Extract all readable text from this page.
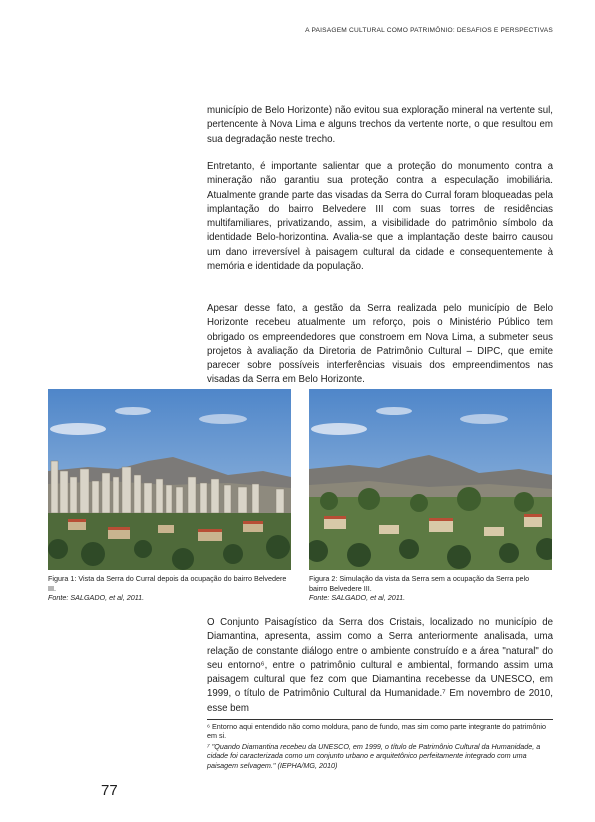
A PAISAGEM CULTURAL COMO PATRIMÔNIO: DESAFIOS E PERSPECTIVAS

município de Belo Horizonte) não evitou sua exploração mineral na vertente sul, pertencente à Nova Lima e alguns trechos da vertente norte, o que resultou em sua degradação neste trecho.

Entretanto, é importante salientar que a proteção do monumento contra a mineração não garantiu sua proteção contra a especulação imobiliária. Atualmente grande parte das visadas da Serra do Curral foram bloqueadas pela implantação do bairro Belvedere III com suas torres de residências multifamiliares, privatizando, assim, a visibilidade do patrimônio símbolo da identidade Belo-horizontina. Avalia-se que a implantação deste bairro causou um dano irreversível à paisagem cultural da cidade e consequentemente à memória e identidade da população.

Apesar desse fato, a gestão da Serra realizada pelo município de Belo Horizonte recebeu atualmente um reforço, pois o Ministério Público tem obrigado os empreendedores que constroem em Nova Lima, a submeter seus projetos à avaliação da Diretoria de Patrimônio Cultural – DIPC, que emite parecer sobre possíveis interferências visuais dos empreendimentos nas visadas da Serra em Belo Horizonte.

Figura 1: Vista da Serra do Curral depois da ocupação do bairro Belvedere III.
Fonte: SALGADO, et al, 2011.
Figura 2: Simulação da vista da Serra sem a ocupação da Serra pelo bairro Belvedere III.
Fonte: SALGADO, et al, 2011.

O Conjunto Paisagístico da Serra dos Cristais, localizado no município de Diamantina, apresenta, assim como a Serra anteriormente analisada, uma relação de constante diálogo entre o ambiente construído e a área "natural" do seu entorno⁶, entre o patrimônio cultural e ambiental, formando assim uma paisagem cultural que fez com que Diamantina recebesse da UNESCO, em 1999, o título de Patrimônio Cultural da Humanidade.⁷ Em novembro de 2010, esse bem

⁶ Entorno aqui entendido não como moldura, pano de fundo, mas sim como parte integrante do patrimônio em si.

⁷ "Quando Diamantina recebeu da UNESCO, em 1999, o título de Patrimônio Cultural da Humanidade, a cidade foi caracterizada como um conjunto urbano e arquitetônico perfeitamente integrado com uma paisagem selvagem." (IEPHA/MG, 2010)

77
